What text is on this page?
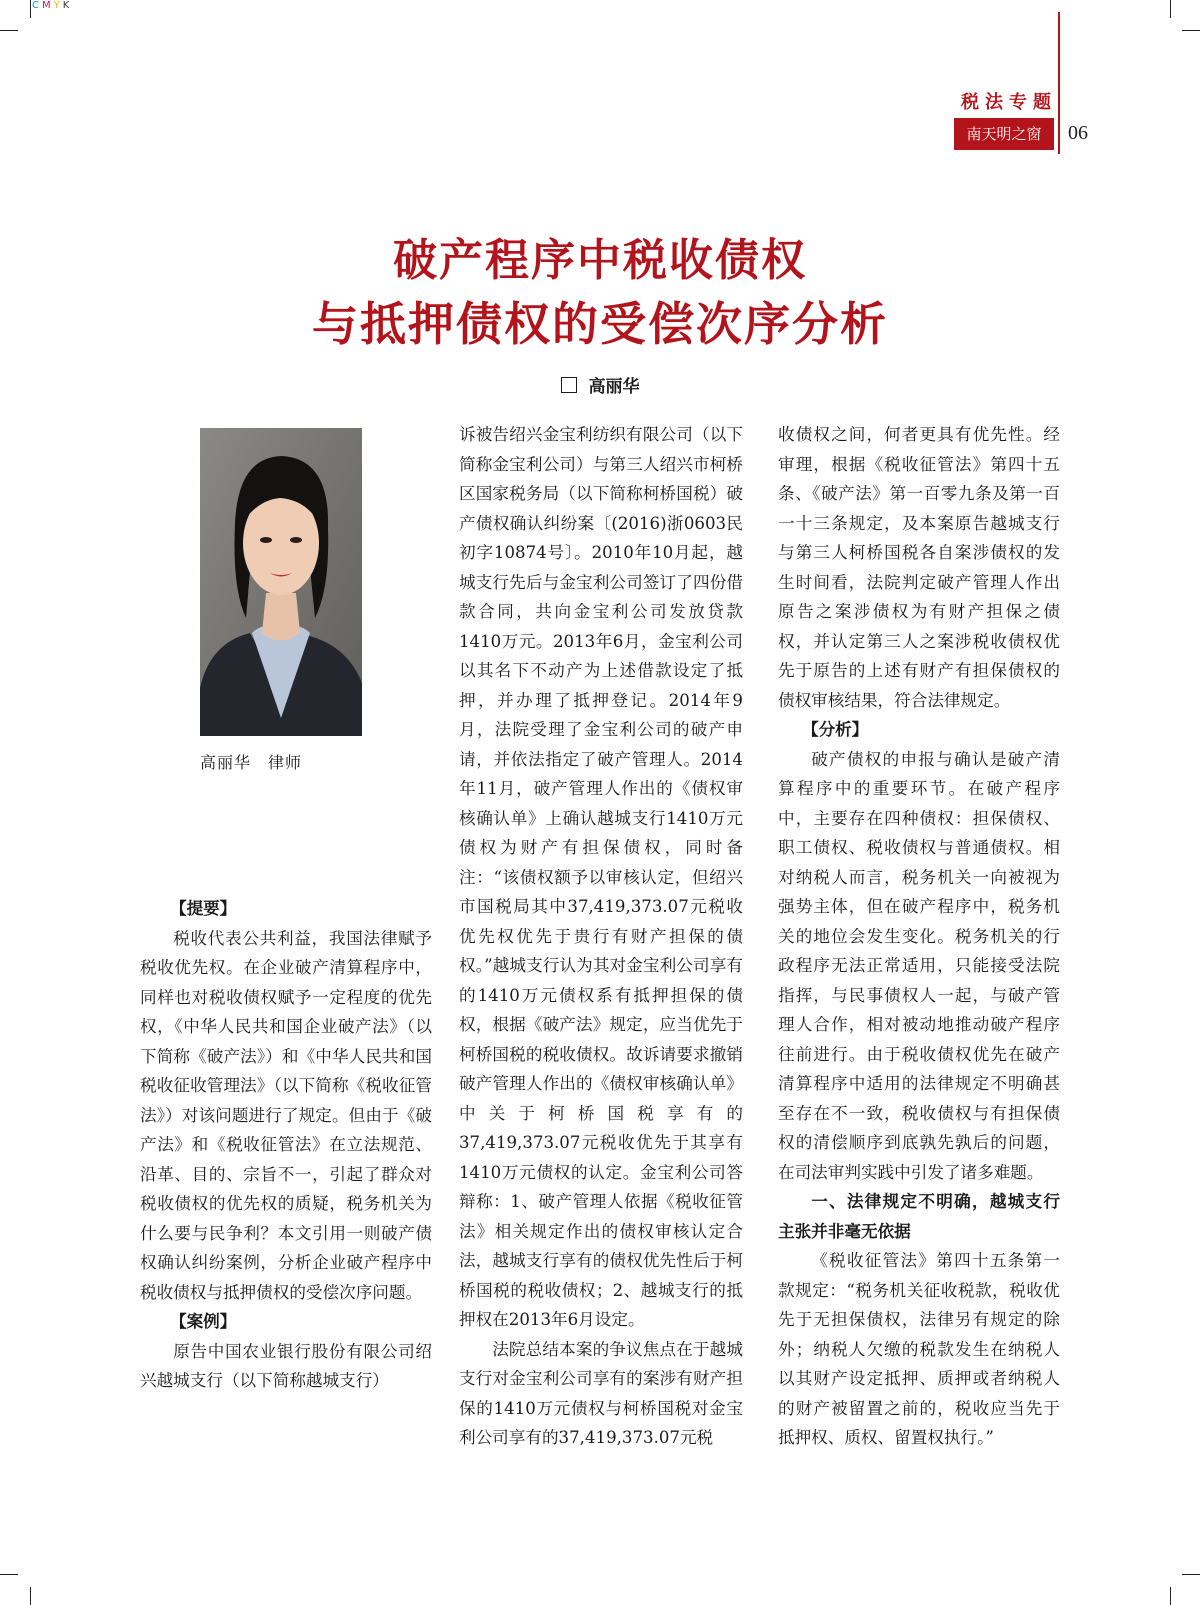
CMYK
税法专题
南天明之窗	06
破产程序中税收债权
与抵押债权的受偿次序分析
高丽华
高丽华　律师

【提要】

税收代表公共利益，我国法律赋予税收优先权。在企业破产清算程序中，同样也对税收债权赋予一定程度的优先权，《中华人民共和国企业破产法》（以下简称《破产法》）和《中华人民共和国税收征收管理法》（以下简称《税收征管法》）对该问题进行了规定。但由于《破产法》和《税收征管法》在立法规范、沿革、目的、宗旨不一，引起了群众对税收债权的优先权的质疑，税务机关为什么要与民争利？本文引用一则破产债权确认纠纷案例，分析企业破产程序中税收债权与抵押债权的受偿次序问题。

【案例】

原告中国农业银行股份有限公司绍兴越城支行（以下简称越城支行）

诉被告绍兴金宝利纺织有限公司（以下简称金宝利公司）与第三人绍兴市柯桥区国家税务局（以下简称柯桥国税）破产债权确认纠纷案〔(2016)浙0603民初字10874号〕。2010年10月起，越城支行先后与金宝利公司签订了四份借款合同，共向金宝利公司发放贷款1410万元。2013年6月，金宝利公司以其名下不动产为上述借款设定了抵押，并办理了抵押登记。2014年9月，法院受理了金宝利公司的破产申请，并依法指定了破产管理人。2014年11月，破产管理人作出的《债权审核确认单》上确认越城支行1410万元债权为财产有担保债权，同时备注：“该债权额予以审核认定，但绍兴市国税局其中37,419,373.07元税收优先权优先于贵行有财产担保的债权。”越城支行认为其对金宝利公司享有的1410万元债权系有抵押担保的债权，根据《破产法》规定，应当优先于柯桥国税的税收债权。故诉请要求撤销破产管理人作出的《债权审核确认单》中关于柯桥国税享有的37,419,373.07元税收优先于其享有1410万元债权的认定。金宝利公司答辩称：1、破产管理人依据《税收征管法》相关规定作出的债权审核认定合法，越城支行享有的债权优先性后于柯桥国税的税收债权；2、越城支行的抵押权在2013年6月设定。

法院总结本案的争议焦点在于越城支行对金宝利公司享有的案涉有财产担保的1410万元债权与柯桥国税对金宝利公司享有的37,419,373.07元税

收债权之间，何者更具有优先性。经审理，根据《税收征管法》第四十五条、《破产法》第一百零九条及第一百一十三条规定，及本案原告越城支行与第三人柯桥国税各自案涉债权的发生时间看，法院判定破产管理人作出原告之案涉债权为有财产担保之债权，并认定第三人之案涉税收债权优先于原告的上述有财产有担保债权的债权审核结果，符合法律规定。

【分析】

破产债权的申报与确认是破产清算程序中的重要环节。在破产程序中，主要存在四种债权：担保债权、职工债权、税收债权与普通债权。相对纳税人而言，税务机关一向被视为强势主体，但在破产程序中，税务机关的地位会发生变化。税务机关的行政程序无法正常适用，只能接受法院指挥，与民事债权人一起，与破产管理人合作，相对被动地推动破产程序往前进行。由于税收债权优先在破产清算程序中适用的法律规定不明确甚至存在不一致，税收债权与有担保债权的清偿顺序到底孰先孰后的问题，在司法审判实践中引发了诸多难题。

一、法律规定不明确，越城支行主张并非毫无依据

《税收征管法》第四十五条第一款规定：“税务机关征收税款，税收优先于无担保债权，法律另有规定的除外；纳税人欠缴的税款发生在纳税人以其财产设定抵押、质押或者纳税人的财产被留置之前的，税收应当先于抵押权、质权、留置权执行。”
